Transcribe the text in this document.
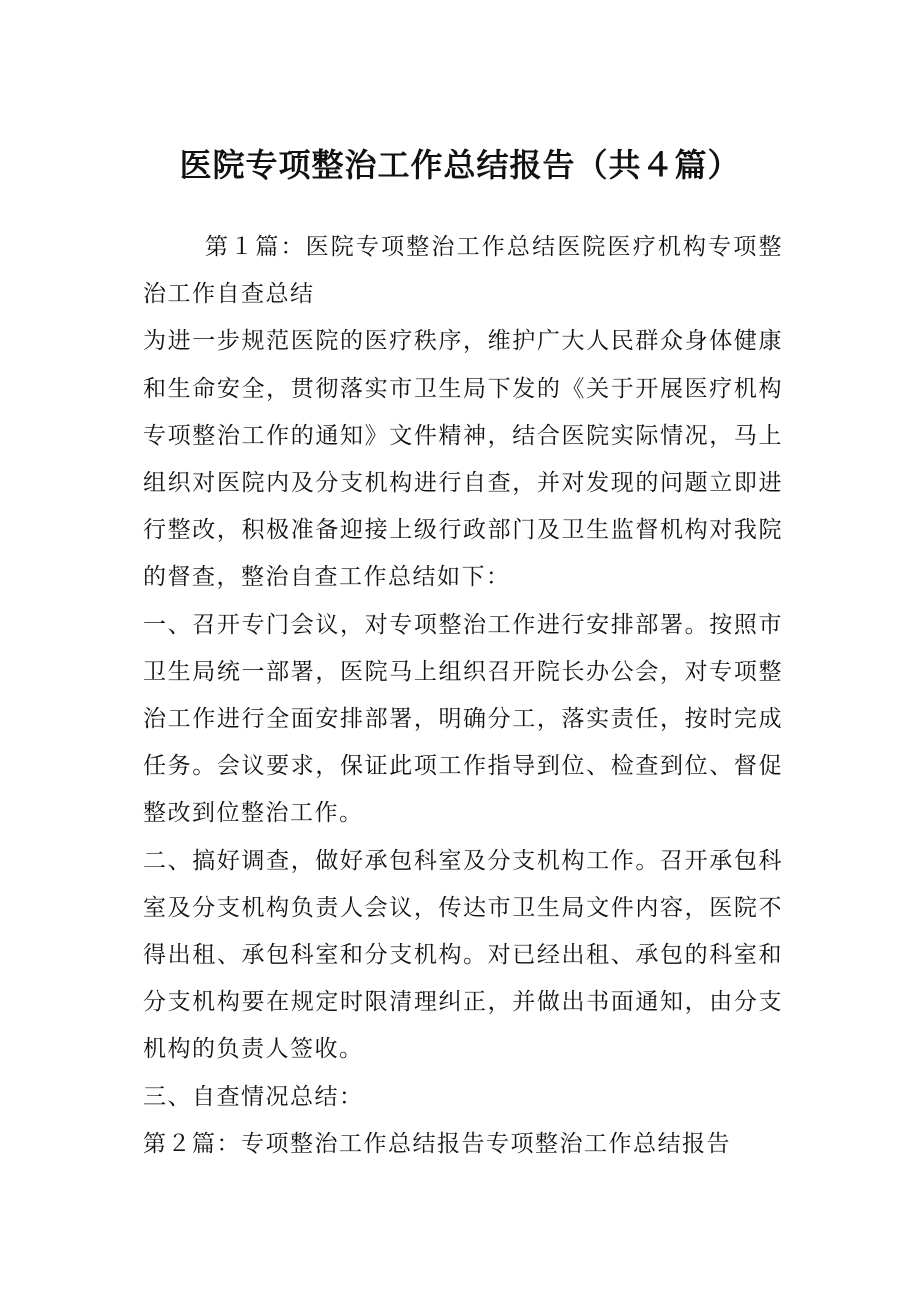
医院专项整治工作总结报告（共４篇）

第１篇：医院专项整治工作总结医院医疗机构专项整治工作自查总结

为进一步规范医院的医疗秩序，维护广大人民群众身体健康和生命安全，贯彻落实市卫生局下发的《关于开展医疗机构专项整治工作的通知》文件精神，结合医院实际情况，马上组织对医院内及分支机构进行自查，并对发现的问题立即进行整改，积极准备迎接上级行政部门及卫生监督机构对我院的督查，整治自查工作总结如下：

一、召开专门会议，对专项整治工作进行安排部署。按照市卫生局统一部署，医院马上组织召开院长办公会，对专项整治工作进行全面安排部署，明确分工，落实责任，按时完成任务。会议要求，保证此项工作指导到位、检查到位、督促整改到位整治工作。

二、搞好调查，做好承包科室及分支机构工作。召开承包科室及分支机构负责人会议，传达市卫生局文件内容，医院不得出租、承包科室和分支机构。对已经出租、承包的科室和分支机构要在规定时限清理纠正，并做出书面通知，由分支机构的负责人签收。

三、自查情况总结：

第２篇：专项整治工作总结报告专项整治工作总结报告
